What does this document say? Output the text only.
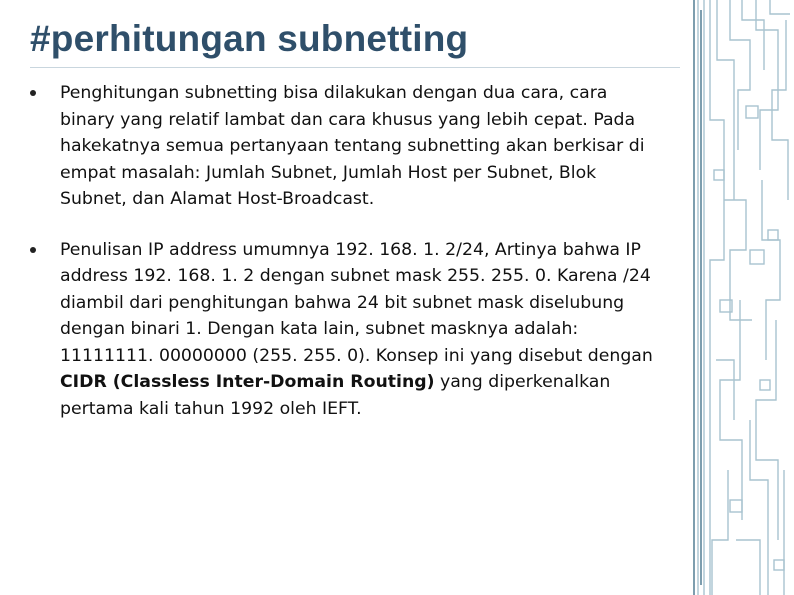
#perhitungan subnetting
Penghitungan subnetting bisa dilakukan dengan dua cara, cara binary yang relatif lambat dan cara khusus yang lebih cepat. Pada hakekatnya semua pertanyaan tentang subnetting akan berkisar di empat masalah: Jumlah Subnet, Jumlah Host per Subnet, Blok Subnet, dan Alamat Host-Broadcast.
Penulisan IP address umumnya 192. 168. 1. 2/24, Artinya bahwa IP address 192. 168. 1. 2 dengan subnet mask 255. 255. 0. Karena /24 diambil dari penghitungan bahwa 24 bit subnet mask diselubung dengan binari 1. Dengan kata lain, subnet masknya adalah: 11111111. 00000000 (255. 255. 0). Konsep ini yang disebut dengan CIDR (Classless Inter-Domain Routing) yang diperkenalkan pertama kali tahun 1992 oleh IEFT.
